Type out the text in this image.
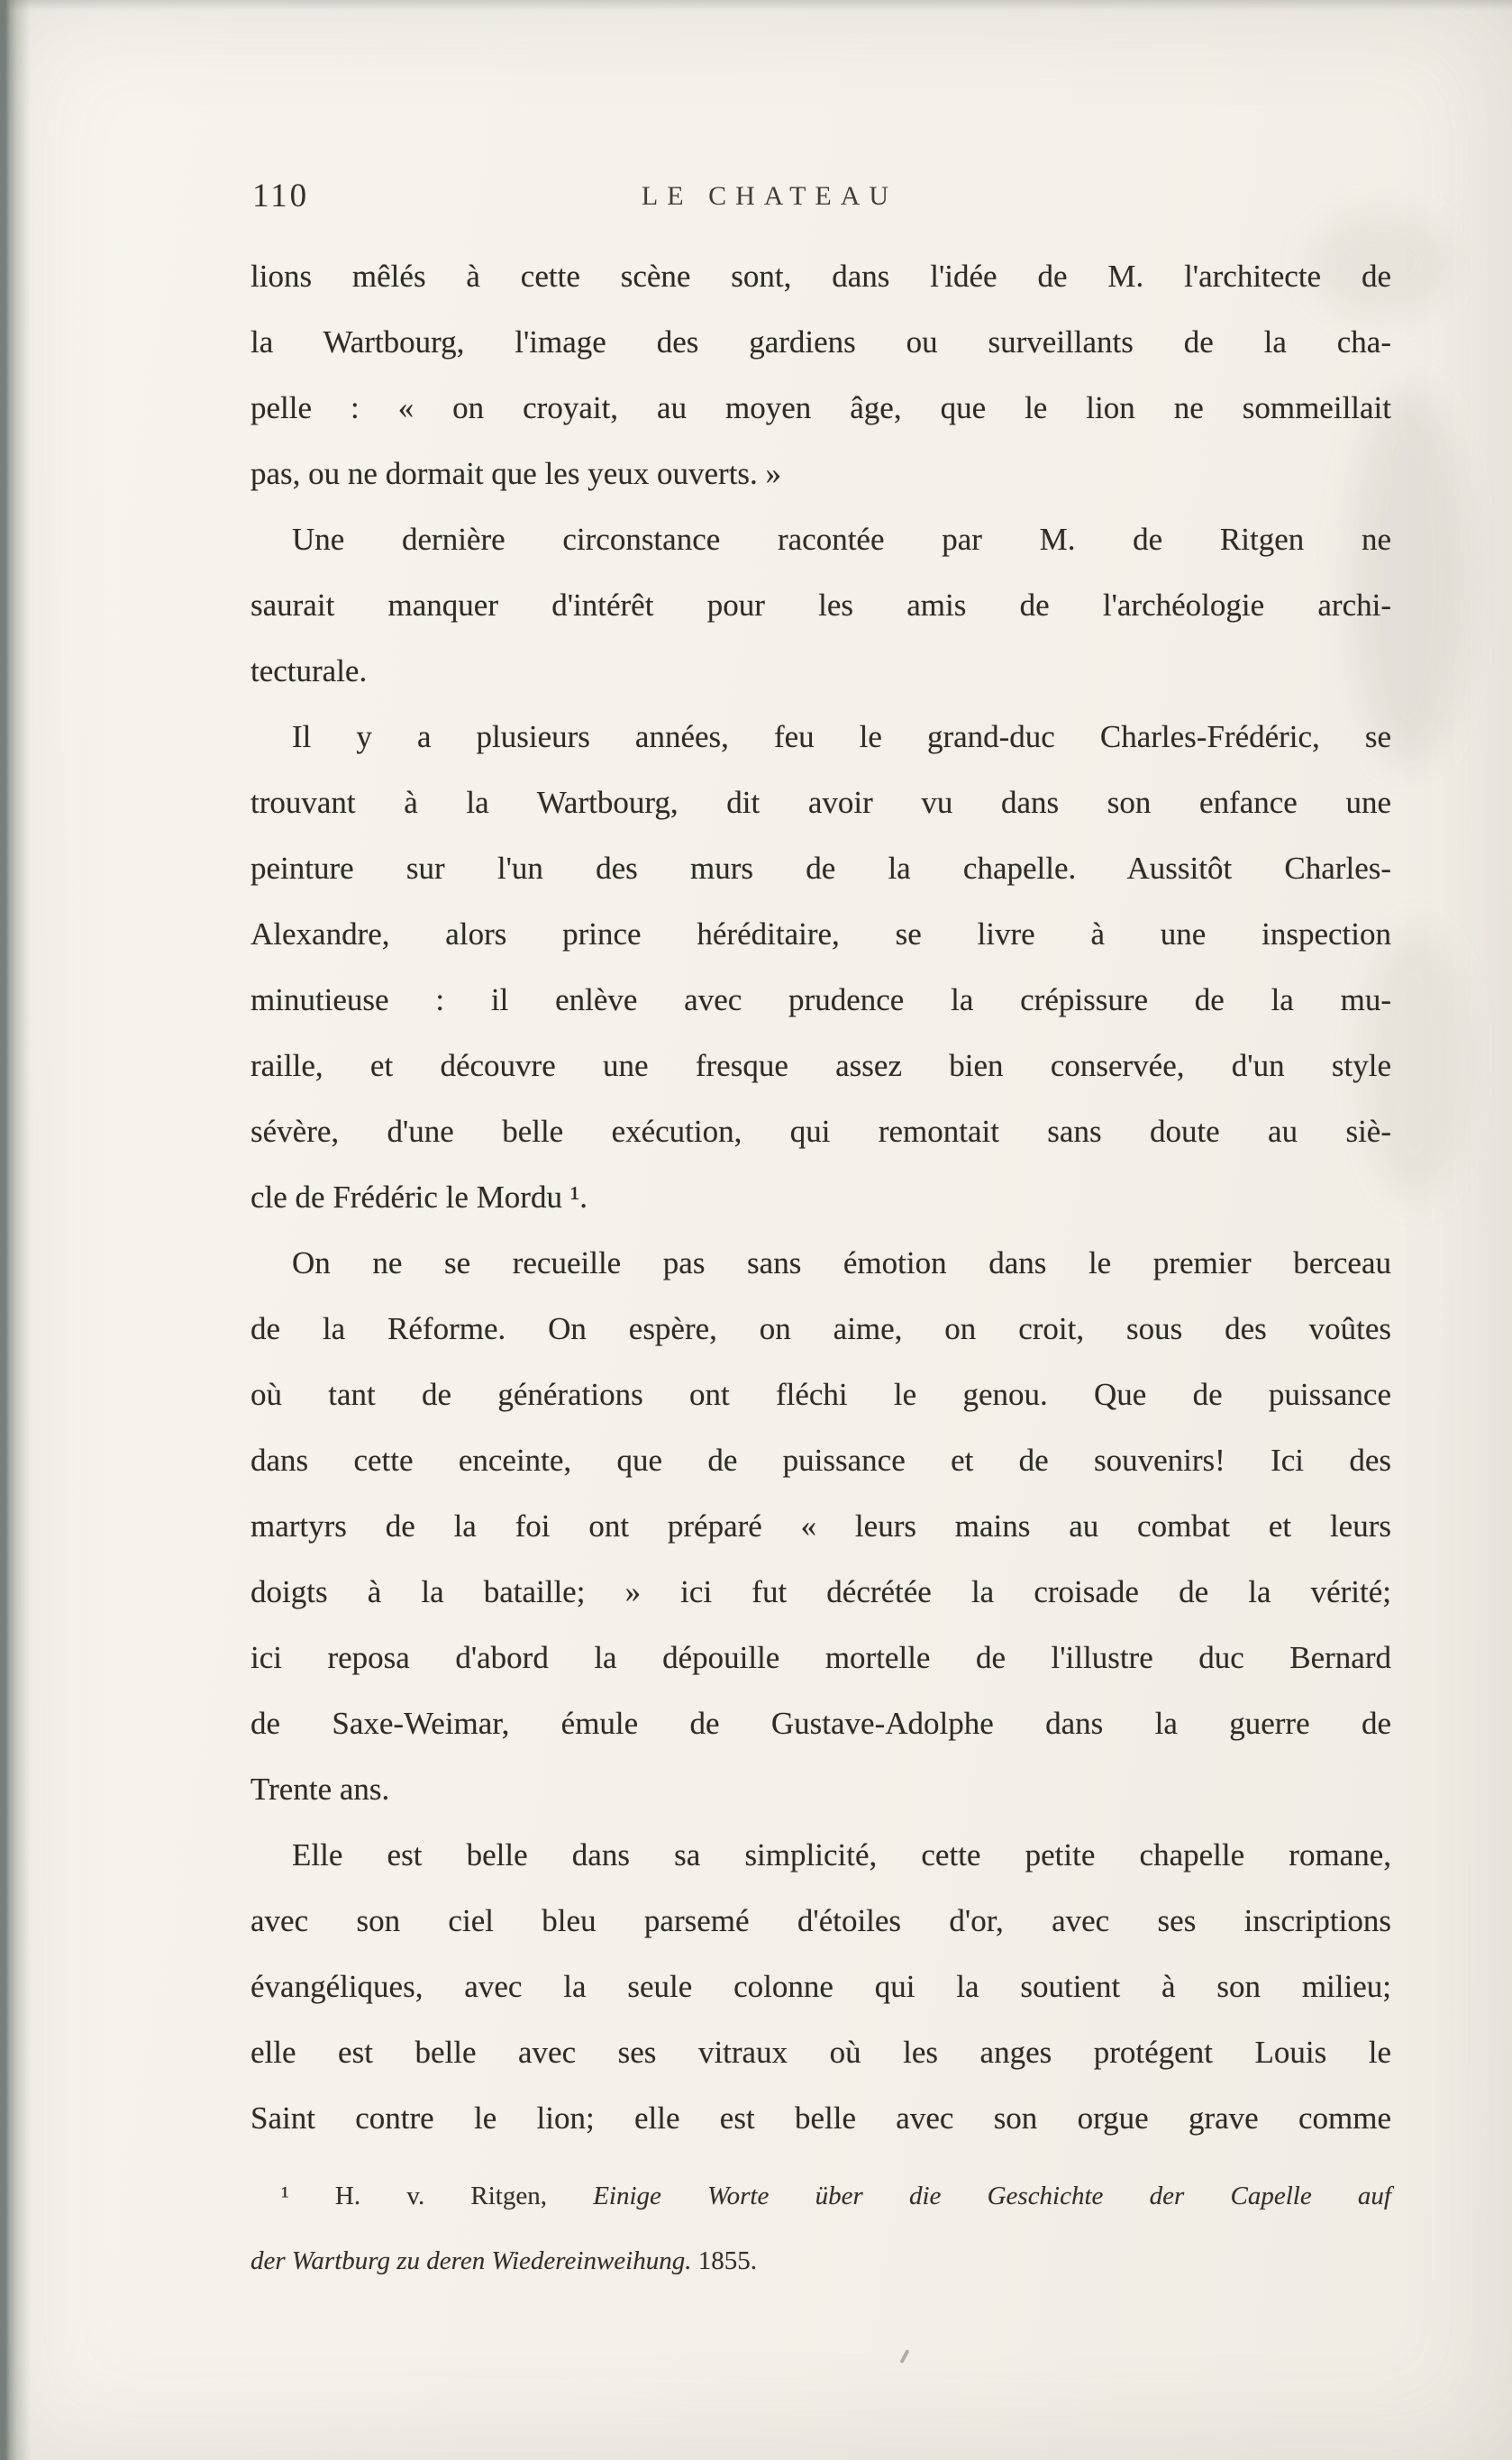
110	LE CHATEAU
lions mêlés à cette scène sont, dans l'idée de M. l'architecte de
la Wartbourg, l'image des gardiens ou surveillants de la cha-
pelle : « on croyait, au moyen âge, que le lion ne sommeillait
pas, ou ne dormait que les yeux ouverts. »
Une dernière circonstance racontée par M. de Ritgen ne
saurait manquer d'intérêt pour les amis de l'archéologie archi-
tecturale.
Il y a plusieurs années, feu le grand-duc Charles-Frédéric, se
trouvant à la Wartbourg, dit avoir vu dans son enfance une
peinture sur l'un des murs de la chapelle. Aussitôt Charles-
Alexandre, alors prince héréditaire, se livre à une inspection
minutieuse : il enlève avec prudence la crépissure de la mu-
raille, et découvre une fresque assez bien conservée, d'un style
sévère, d'une belle exécution, qui remontait sans doute au siè-
cle de Frédéric le Mordu ¹.
On ne se recueille pas sans émotion dans le premier berceau
de la Réforme. On espère, on aime, on croit, sous des voûtes
où tant de générations ont fléchi le genou. Que de puissance
dans cette enceinte, que de puissance et de souvenirs! Ici des
martyrs de la foi ont préparé « leurs mains au combat et leurs
doigts à la bataille; » ici fut décrétée la croisade de la vérité;
ici reposa d'abord la dépouille mortelle de l'illustre duc Bernard
de Saxe-Weimar, émule de Gustave-Adolphe dans la guerre de
Trente ans.
Elle est belle dans sa simplicité, cette petite chapelle romane,
avec son ciel bleu parsemé d'étoiles d'or, avec ses inscriptions
évangéliques, avec la seule colonne qui la soutient à son milieu;
elle est belle avec ses vitraux où les anges protégent Louis le
Saint contre le lion; elle est belle avec son orgue grave comme
¹ H. v. Ritgen, Einige Worte über die Geschichte der Capelle auf
der Wartburg zu deren Wiedereinweihung. 1855.
